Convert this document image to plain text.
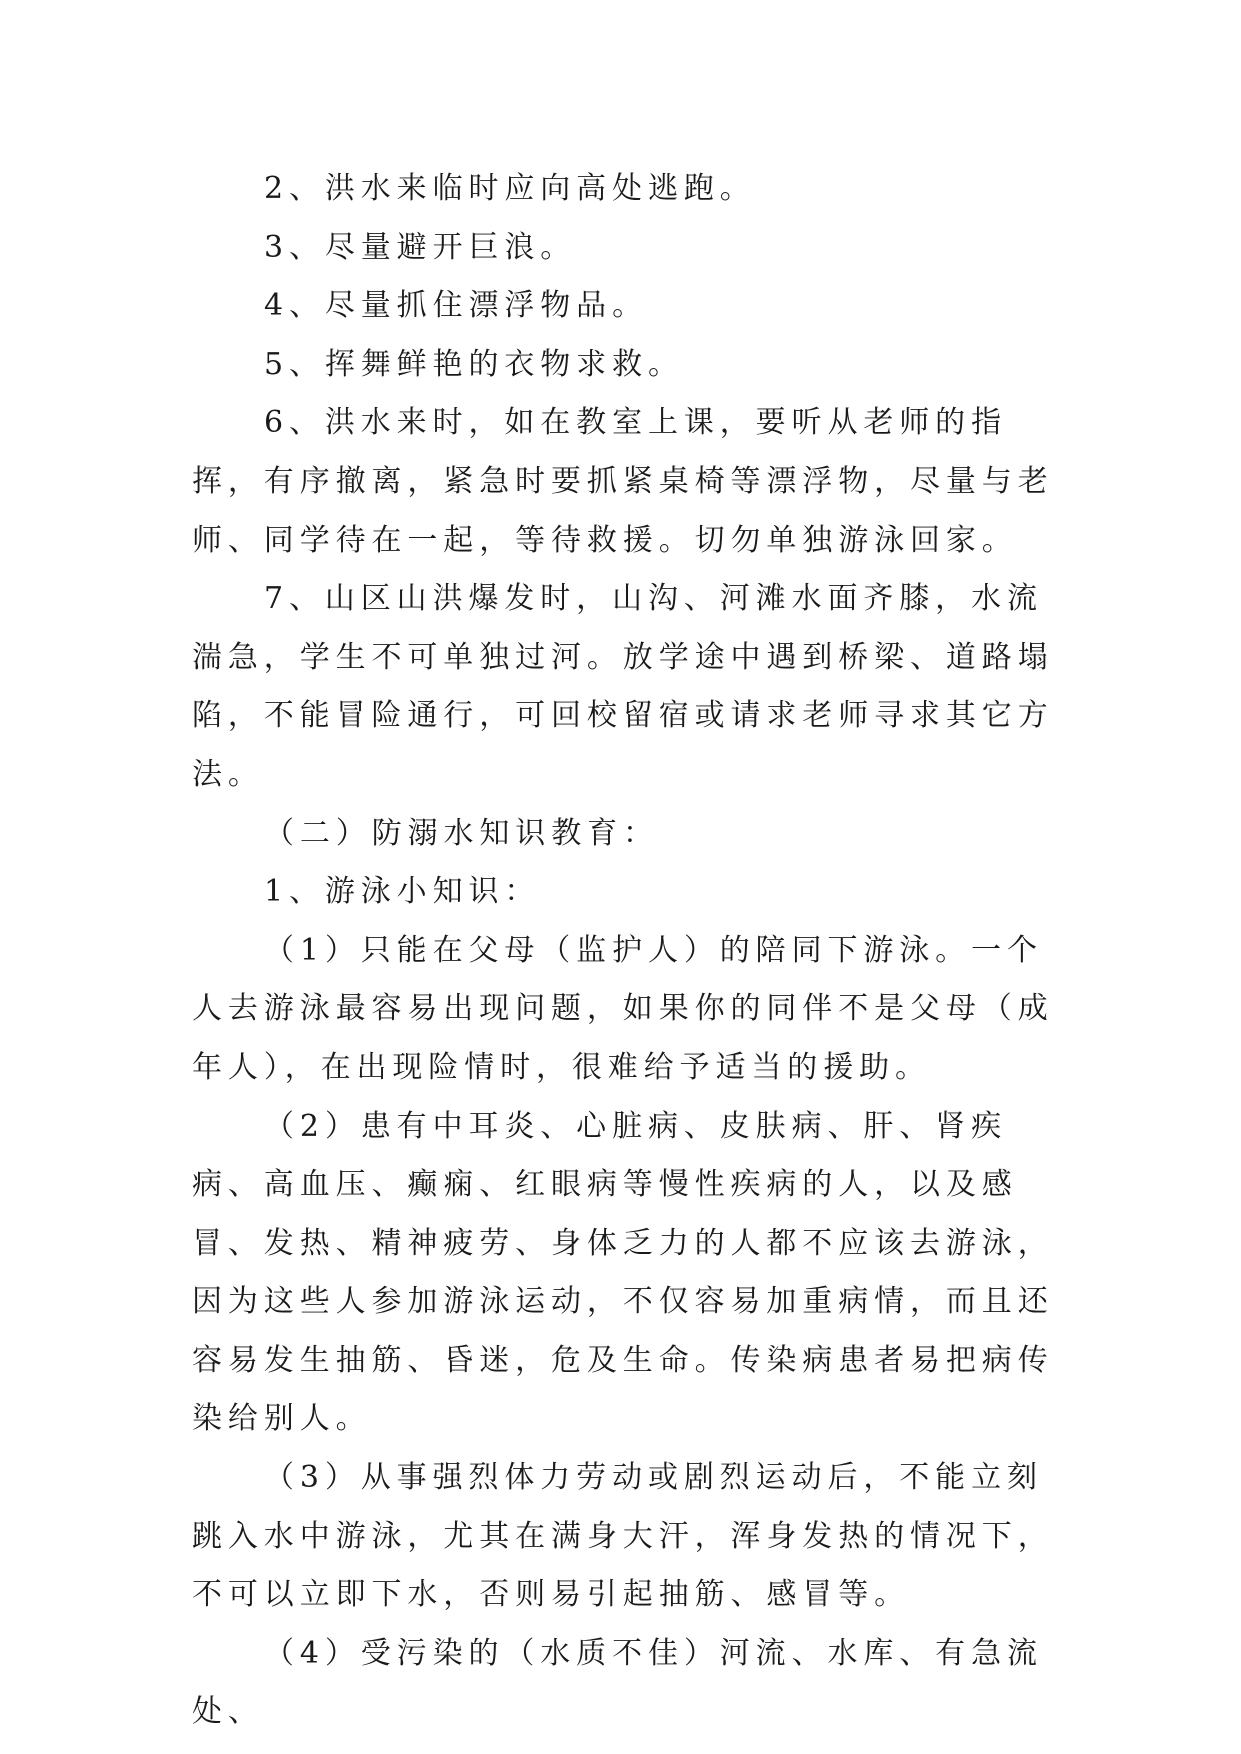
2、洪水来临时应向高处逃跑。

3、尽量避开巨浪。

4、尽量抓住漂浮物品。

5、挥舞鲜艳的衣物求救。

6、洪水来时，如在教室上课，要听从老师的指挥，有序撤离，紧急时要抓紧桌椅等漂浮物，尽量与老师、同学待在一起，等待救援。切勿单独游泳回家。

7、山区山洪爆发时，山沟、河滩水面齐膝，水流湍急，学生不可单独过河。放学途中遇到桥梁、道路塌陷，不能冒险通行，可回校留宿或请求老师寻求其它方法。

（二）防溺水知识教育：

1、游泳小知识：

（1）只能在父母（监护人）的陪同下游泳。一个人去游泳最容易出现问题，如果你的同伴不是父母（成年人），在出现险情时，很难给予适当的援助。

（2）患有中耳炎、心脏病、皮肤病、肝、肾疾病、高血压、癫痫、红眼病等慢性疾病的人，以及感冒、发热、精神疲劳、身体乏力的人都不应该去游泳，因为这些人参加游泳运动，不仅容易加重病情，而且还容易发生抽筋、昏迷，危及生命。传染病患者易把病传染给别人。

（3）从事强烈体力劳动或剧烈运动后，不能立刻跳入水中游泳，尤其在满身大汗，浑身发热的情况下，不可以立即下水，否则易引起抽筋、感冒等。

（4）受污染的（水质不佳）河流、水库、有急流处、
